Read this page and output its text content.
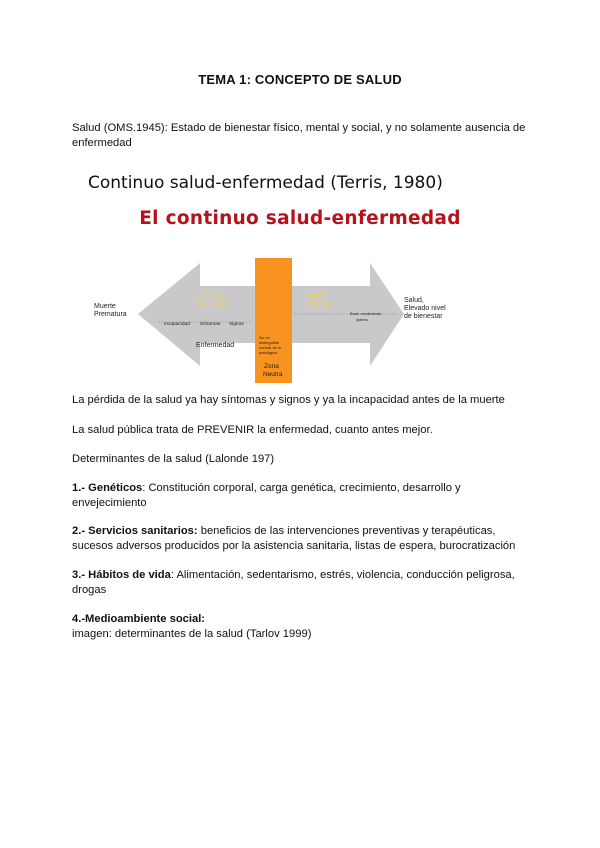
TEMA 1: CONCEPTO DE SALUD
Salud (OMS.1945): Estado de bienestar físico, mental y social, y no solamente ausencia de enfermedad
Continuo salud-enfermedad (Terris, 1980)
El continuo salud-enfermedad
Muerte
Prematura
Salud,
Elevado nivel
de bienestar
Pérdida
de Salud
Salud
Positiva
Incapacidad Síntomas Signos
Buen rendimiento
óptimo
Enfermedad
No es
distinguible
normal de lo
patológico
Zona
Neutra
La pérdida de la salud ya hay síntomas y signos y ya la incapacidad antes de la muerte
La salud pública trata de PREVENIR la enfermedad, cuanto antes mejor.
Determinantes de la salud (Lalonde 197)
1.- Genéticos: Constitución corporal, carga genética, crecimiento, desarrollo y envejecimiento
2.- Servicios sanitarios: beneficios de las intervenciones preventivas y terapéuticas, sucesos adversos producidos por la asistencia sanitaria, listas de espera, burocratización
3.- Hábitos de vida: Alimentación, sedentarismo, estrés, violencia, conducción peligrosa, drogas
4.-Medioambiente social:
imagen: determinantes de la salud (Tarlov 1999)
